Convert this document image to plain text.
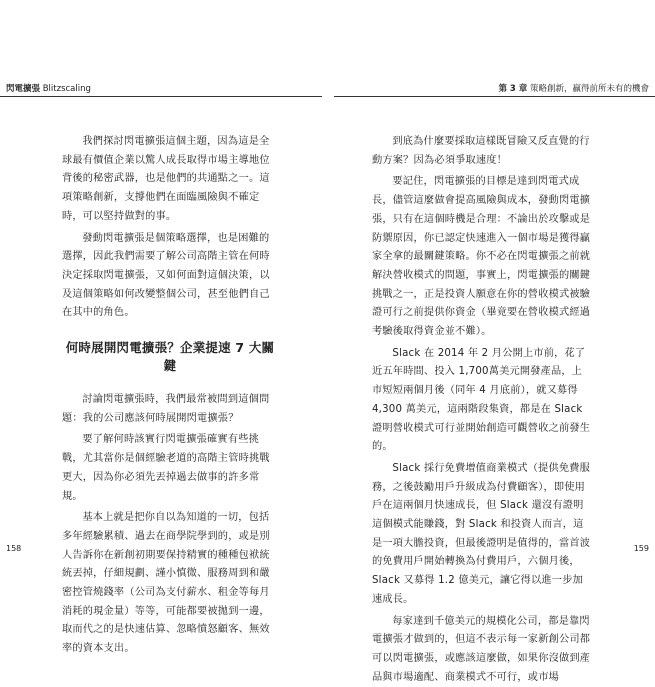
閃電擴張 Blitzscaling	第 3 章 策略創新，贏得前所未有的機會

我們探討閃電擴張這個主題，因為這是全球最有價值企業以驚人成長取得市場主導地位背後的秘密武器，也是他們的共通點之一。這項策略創新，支撐他們在面臨風險與不確定時，可以堅持做對的事。

發動閃電擴張是個策略選擇，也是困難的選擇，因此我們需要了解公司高階主管在何時決定採取閃電擴張，又如何面對這個決策，以及這個策略如何改變整個公司，甚至他們自己在其中的角色。

何時展開閃電擴張？企業提速 7 大關鍵

討論閃電擴張時，我們最常被問到這個問題：我的公司應該何時展開閃電擴張？

要了解何時該實行閃電擴張確實有些挑戰，尤其當你是個經驗老道的高階主管時挑戰更大，因為你必須先丟掉過去做事的許多常規。

基本上就是把你自以為知道的一切，包括多年經驗累積、過去在商學院學到的，或是別人告訴你在新創初期要保持精實的種種包袱統統丟掉，仔細規劃、謹小慎微、服務周到和嚴密控管燒錢率（公司為支付薪水、租金等每月消耗的現金量）等等，可能都要被拋到一邊，取而代之的是快速估算、忽略憤怒顧客、無效率的資本支出。

到底為什麼要採取這樣既冒險又反直覺的行動方案？因為必須爭取速度！

要記住，閃電擴張的目標是達到閃電式成長，儘管這麼做會提高風險與成本，發動閃電擴張，只有在這個時機是合理：不論出於攻擊或是防禦原因，你已認定快速進入一個市場是獲得贏家全拿的最關鍵策略。你不必在閃電擴張之前就解決營收模式的問題，事實上，閃電擴張的關鍵挑戰之一，正是投資人願意在你的營收模式被驗證可行之前提供你資金（畢竟要在營收模式經過考驗後取得資金並不難）。

Slack 在 2014 年 2 月公開上市前，花了近五年時間、投入 1,700萬美元開發產品，上市短短兩個月後（同年 4 月底前），就又募得 4,300 萬美元，這兩階段集資，都是在 Slack 證明營收模式可行並開始創造可觀營收之前發生的。

Slack 採行免費增值商業模式（提供免費服務，之後鼓勵用戶升級成為付費顧客），即使用戶在這兩個月快速成長，但 Slack 還沒有證明這個模式能賺錢，對 Slack 和投資人而言，這是一項大膽投資，但最後證明是值得的，當首波的免費用戶開始轉換為付費用戶，六個月後，Slack 又募得 1.2 億美元，讓它得以進一步加速成長。

每家達到千億美元的規模化公司，都是靠閃電擴張才做到的，但這不表示每一家新創公司都可以閃電擴張，或應該這麼做，如果你沒做到產品與市場適配、商業模式不可行，或市場

158	159
